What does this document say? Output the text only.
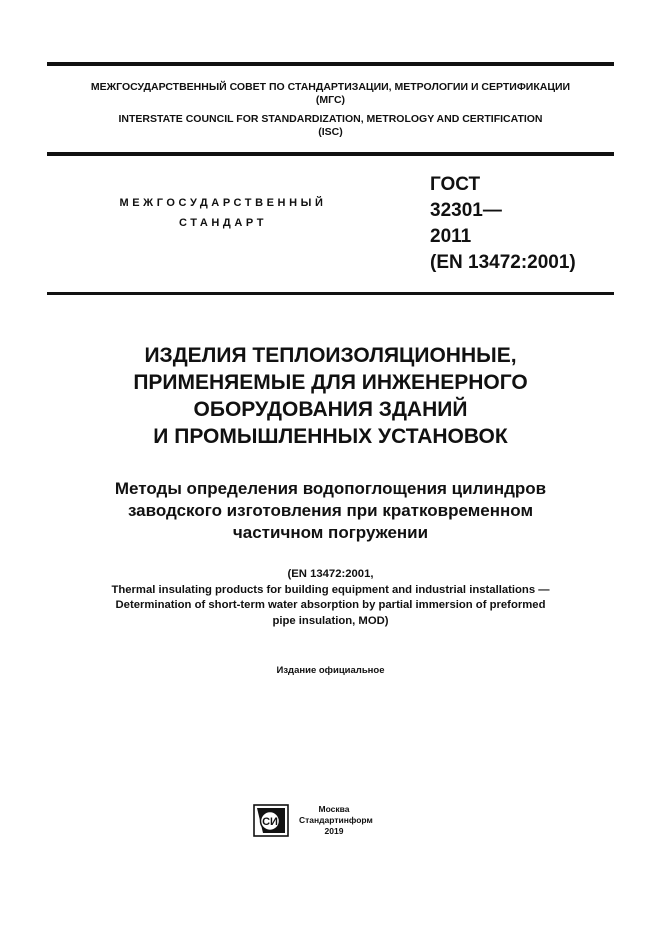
МЕЖГОСУДАРСТВЕННЫЙ СОВЕТ ПО СТАНДАРТИЗАЦИИ, МЕТРОЛОГИИ И СЕРТИФИКАЦИИ
(МГС)
INTERSTATE COUNCIL FOR STANDARDIZATION, METROLOGY AND CERTIFICATION
(ISC)
МЕЖГОСУДАРСТВЕННЫЙ
СТАНДАРТ
ГОСТ
32301—
2011
(EN 13472:2001)
ИЗДЕЛИЯ ТЕПЛОИЗОЛЯЦИОННЫЕ,
ПРИМЕНЯЕМЫЕ ДЛЯ ИНЖЕНЕРНОГО
ОБОРУДОВАНИЯ ЗДАНИЙ
И ПРОМЫШЛЕННЫХ УСТАНОВОК
Методы определения водопоглощения цилиндров
заводского изготовления при кратковременном
частичном погружении
(EN 13472:2001,
Thermal insulating products for building equipment and industrial installations —
Determination of short-term water absorption by partial immersion of preformed
pipe insulation, MOD)
Издание официальное
СИ
Москва
Стандартинформ
2019
